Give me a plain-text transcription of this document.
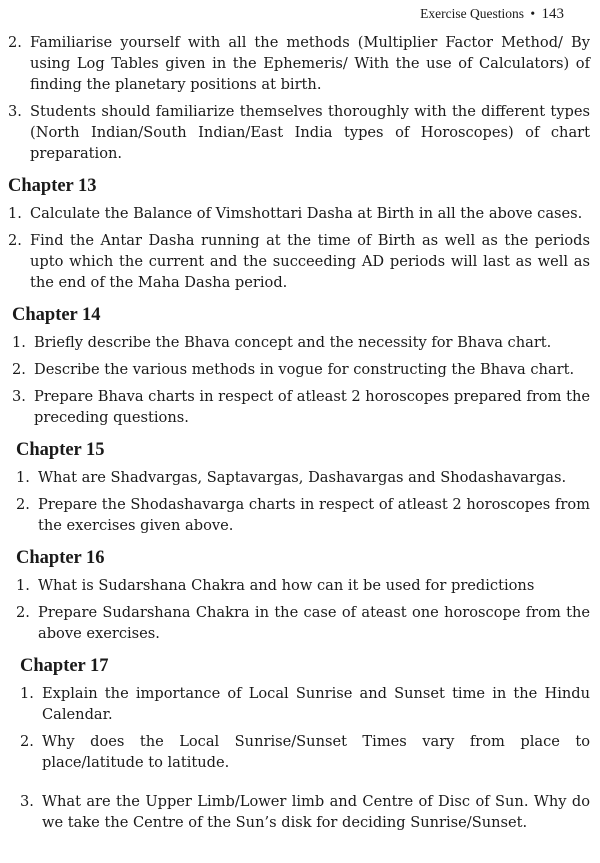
Exercise Questions • 143
2. Familiarise yourself with all the methods (Multiplier Factor Method/ By using Log Tables given in the Ephemeris/ With the use of Calculators) of finding the planetary positions at birth.
3. Students should familiarize themselves thoroughly with the different types (North Indian/South Indian/East India types of Horoscopes) of chart preparation.
Chapter 13
1. Calculate the Balance of Vimshottari Dasha at Birth in all the above cases.
2. Find the Antar Dasha running at the time of Birth as well as the periods upto which the current and the succeeding AD periods will last as well as the end of the Maha Dasha period.
Chapter 14
1. Briefly describe the Bhava concept and the necessity for Bhava chart.
2. Describe the various methods in vogue for constructing the Bhava chart.
3. Prepare Bhava charts in respect of atleast 2 horoscopes prepared from the preceding questions.
Chapter 15
1. What are Shadvargas, Saptavargas, Dashavargas and Shodashavargas.
2. Prepare the Shodashavarga charts in respect of atleast 2 horoscopes from the exercises given above.
Chapter 16
1. What is Sudarshana Chakra and how can it be used for predictions
2. Prepare Sudarshana Chakra in the case of ateast one horoscope from the above exercises.
Chapter 17
1. Explain the importance of Local Sunrise and Sunset time in the Hindu Calendar.
2. Why does the Local Sunrise/Sunset Times vary from place to place/latitude to latitude.
3. What are the Upper Limb/Lower limb and Centre of Disc of Sun. Why do we take the Centre of the Sun’s disk for deciding Sunrise/Sunset.
